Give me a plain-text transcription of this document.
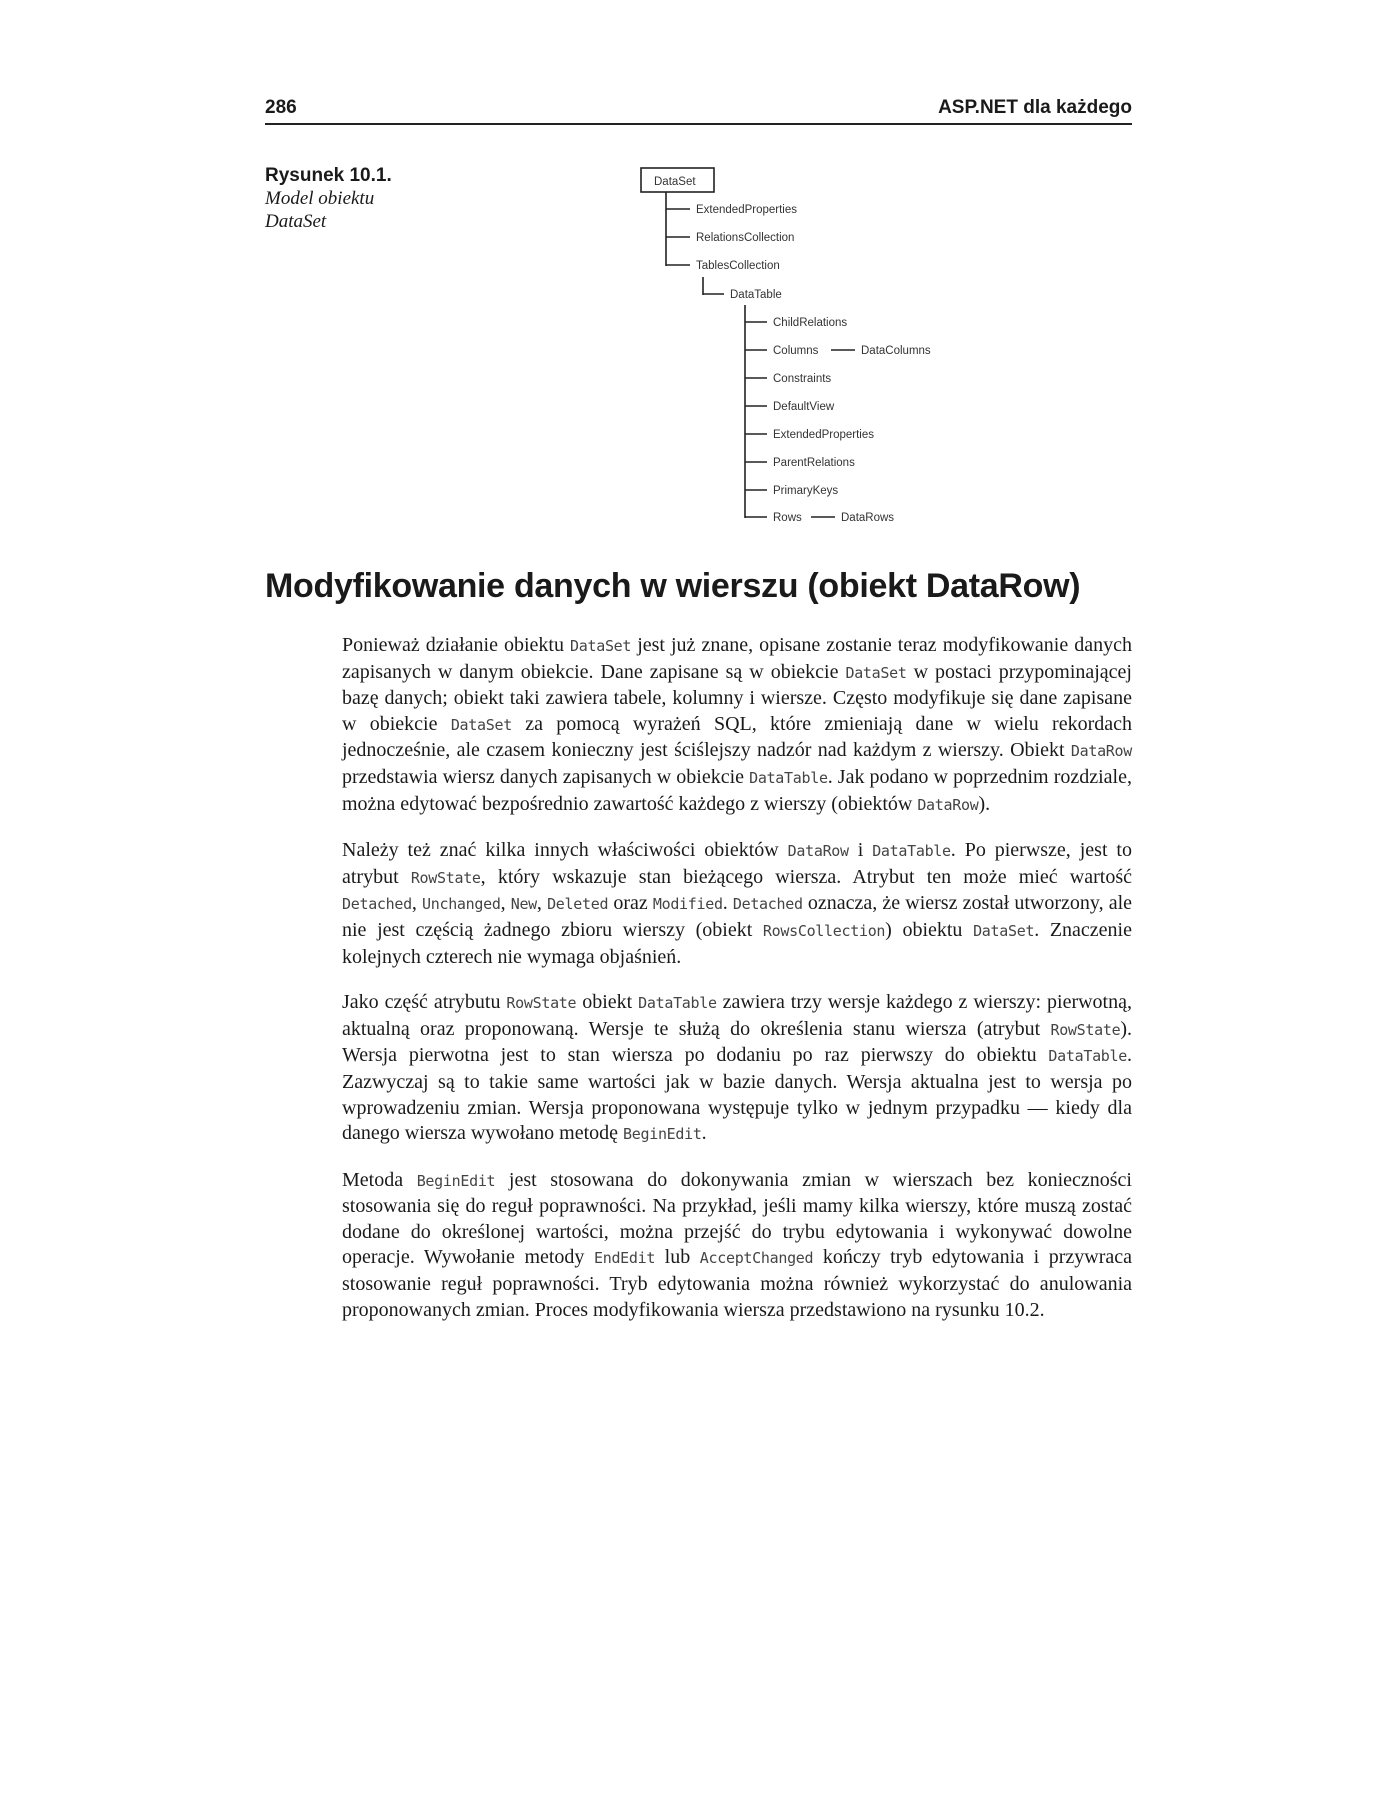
286	ASP.NET dla każdego
Rysunek 10.1.
Model obiektu DataSet
DataSet
ExtendedProperties
RelationsCollection
TablesCollection
DataTable
ChildRelations
Columns
Constraints
DefaultView
ExtendedProperties
ParentRelations
PrimaryKeys
Rows
DataColumns
DataRows
Modyfikowanie danych w wierszu (obiekt DataRow)

Ponieważ działanie obiektu DataSet jest już znane, opisane zostanie teraz modyfikowanie danych zapisanych w danym obiekcie. Dane zapisane są w obiekcie DataSet w postaci przypominającej bazę danych; obiekt taki zawiera tabele, kolumny i wiersze. Często modyfikuje się dane zapisane w obiekcie DataSet za pomocą wyrażeń SQL, które zmieniają dane w wielu rekordach jednocześnie, ale czasem konieczny jest ściślejszy nadzór nad każdym z wierszy. Obiekt DataRow przedstawia wiersz danych zapisanych w obiekcie DataTable. Jak podano w poprzednim rozdziale, można edytować bezpośrednio zawartość każdego z wierszy (obiektów DataRow).

Należy też znać kilka innych właściwości obiektów DataRow i DataTable. Po pierwsze, jest to atrybut RowState, który wskazuje stan bieżącego wiersza. Atrybut ten może mieć wartość Detached, Unchanged, New, Deleted oraz Modified. Detached oznacza, że wiersz został utworzony, ale nie jest częścią żadnego zbioru wierszy (obiekt RowsCollection) obiektu DataSet. Znaczenie kolejnych czterech nie wymaga objaśnień.

Jako część atrybutu RowState obiekt DataTable zawiera trzy wersje każdego z wierszy: pierwotną, aktualną oraz proponowaną. Wersje te służą do określenia stanu wiersza (atrybut RowState). Wersja pierwotna jest to stan wiersza po dodaniu po raz pierwszy do obiektu DataTable. Zazwyczaj są to takie same wartości jak w bazie danych. Wersja aktualna jest to wersja po wprowadzeniu zmian. Wersja proponowana występuje tylko w jednym przypadku — kiedy dla danego wiersza wywołano metodę BeginEdit.

Metoda BeginEdit jest stosowana do dokonywania zmian w wierszach bez konieczności stosowania się do reguł poprawności. Na przykład, jeśli mamy kilka wierszy, które muszą zostać dodane do określonej wartości, można przejść do trybu edytowania i wykonywać dowolne operacje. Wywołanie metody EndEdit lub AcceptChanged kończy tryb edytowania i przywraca stosowanie reguł poprawności. Tryb edytowania można również wykorzystać do anulowania proponowanych zmian. Proces modyfikowania wiersza przedstawiono na rysunku 10.2.
